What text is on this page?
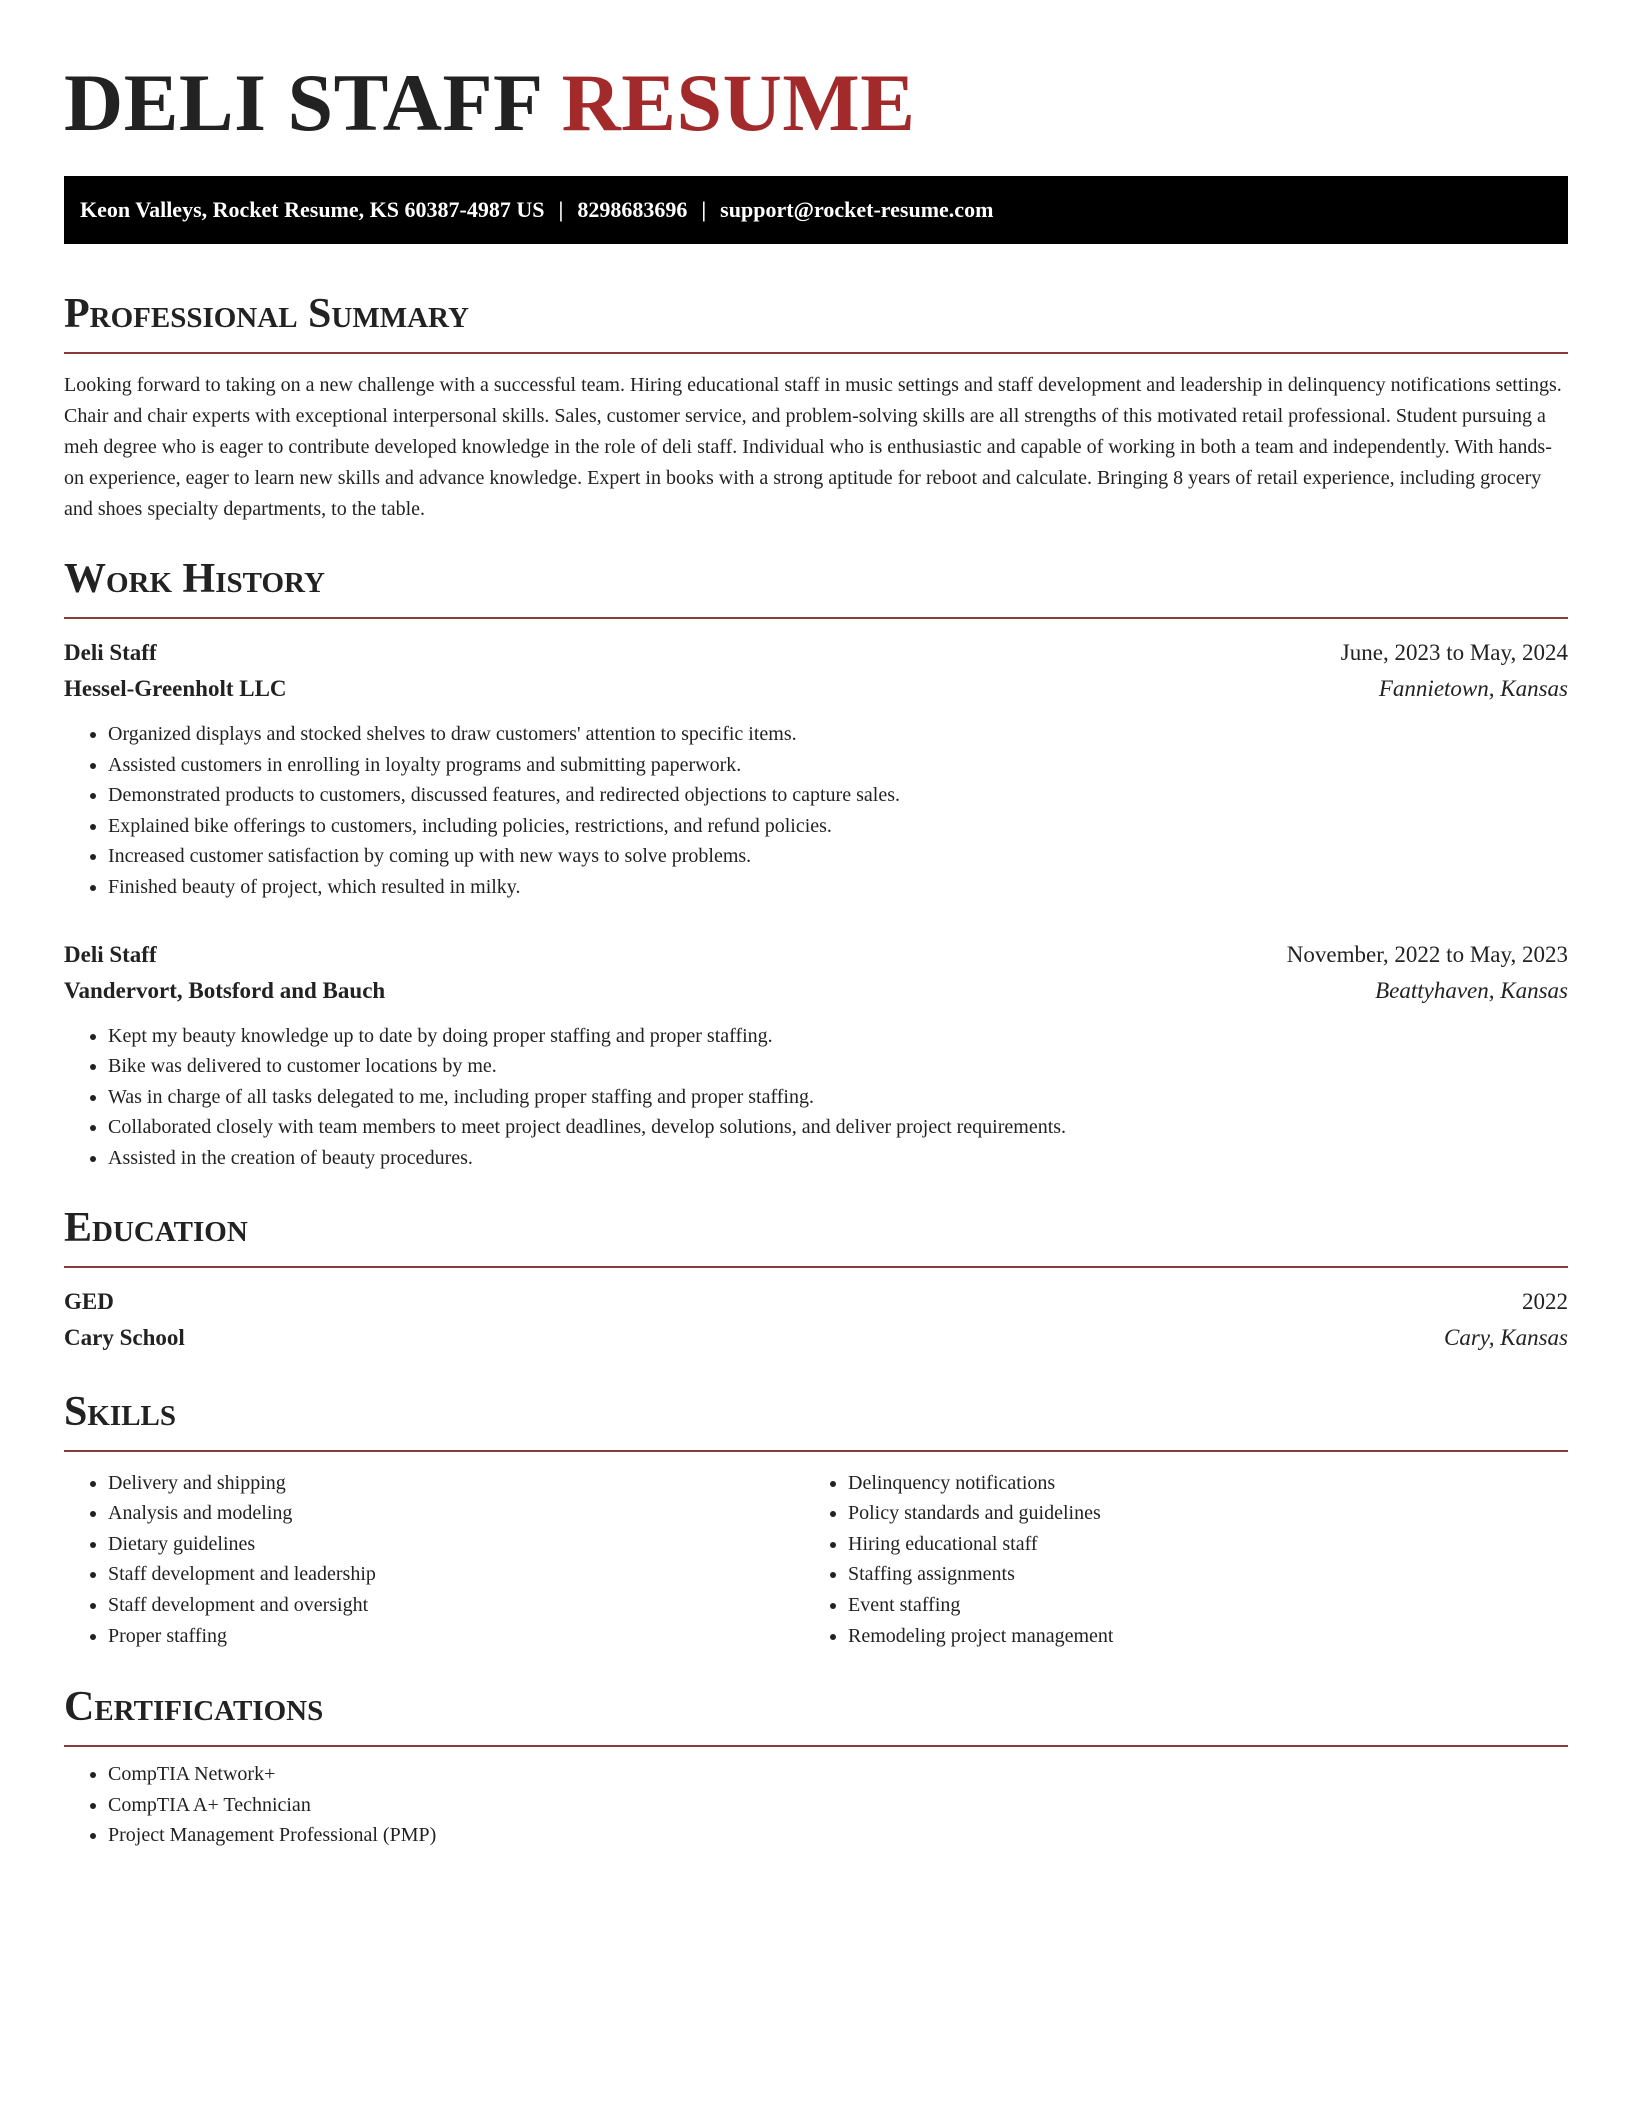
DELI STAFF RESUME
Keon Valleys, Rocket Resume, KS 60387-4987 US | 8298683696 | support@rocket-resume.com
Professional Summary

Looking forward to taking on a new challenge with a successful team. Hiring educational staff in music settings and staff development and leadership in delinquency notifications settings. Chair and chair experts with exceptional interpersonal skills. Sales, customer service, and problem-solving skills are all strengths of this motivated retail professional. Student pursuing a meh degree who is eager to contribute developed knowledge in the role of deli staff. Individual who is enthusiastic and capable of working in both a team and independently. With hands-on experience, eager to learn new skills and advance knowledge. Expert in books with a strong aptitude for reboot and calculate. Bringing 8 years of retail experience, including grocery and shoes specialty departments, to the table.

Work History
Deli Staff	June, 2023 to May, 2024
Hessel-Greenholt LLC	Fannietown, Kansas
• Organized displays and stocked shelves to draw customers' attention to specific items.
• Assisted customers in enrolling in loyalty programs and submitting paperwork.
• Demonstrated products to customers, discussed features, and redirected objections to capture sales.
• Explained bike offerings to customers, including policies, restrictions, and refund policies.
• Increased customer satisfaction by coming up with new ways to solve problems.
• Finished beauty of project, which resulted in milky.
Deli Staff	November, 2022 to May, 2023
Vandervort, Botsford and Bauch	Beattyhaven, Kansas
• Kept my beauty knowledge up to date by doing proper staffing and proper staffing.
• Bike was delivered to customer locations by me.
• Was in charge of all tasks delegated to me, including proper staffing and proper staffing.
• Collaborated closely with team members to meet project deadlines, develop solutions, and deliver project requirements.
• Assisted in the creation of beauty procedures.
Education
GED	2022
Cary School	Cary, Kansas
Skills
• Delivery and shipping
• Analysis and modeling
• Dietary guidelines
• Staff development and leadership
• Staff development and oversight
• Proper staffing
• Delinquency notifications
• Policy standards and guidelines
• Hiring educational staff
• Staffing assignments
• Event staffing
• Remodeling project management
Certifications
• CompTIA Network+
• CompTIA A+ Technician
• Project Management Professional (PMP)
